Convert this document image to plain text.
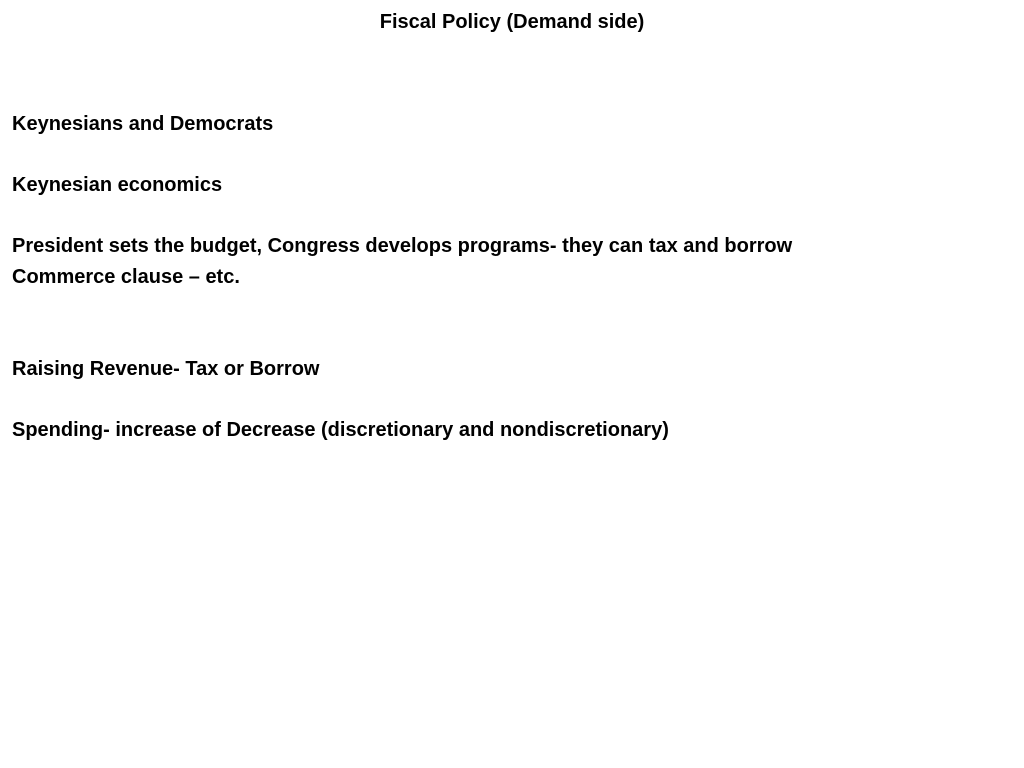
Fiscal Policy (Demand side)
Keynesians and Democrats
Keynesian economics
President sets the budget, Congress develops programs- they can tax and borrow
Commerce clause – etc.
Raising Revenue- Tax or Borrow
Spending- increase of Decrease (discretionary and nondiscretionary)
